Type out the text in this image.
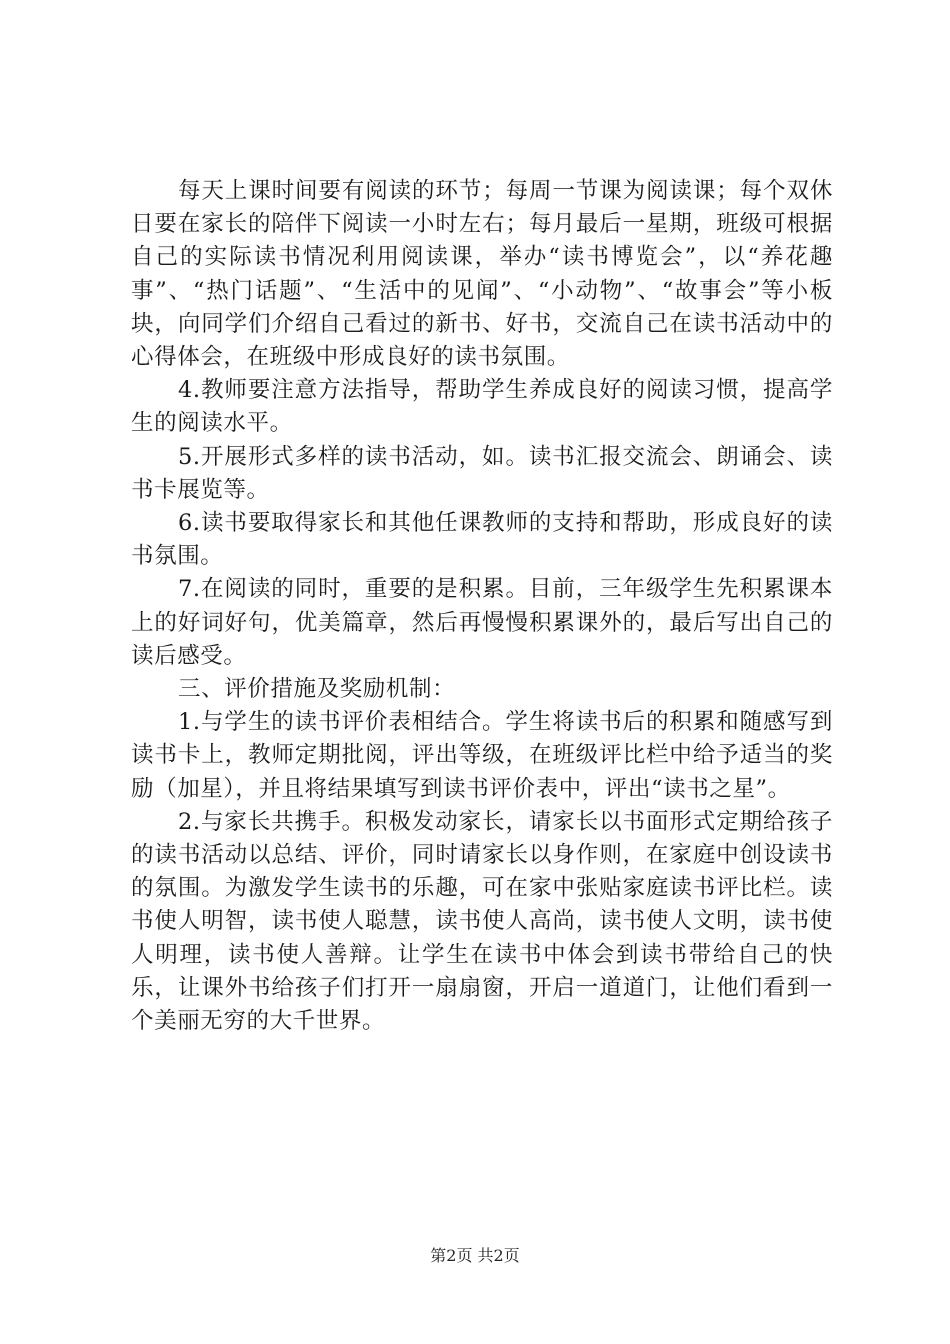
每天上课时间要有阅读的环节；每周一节课为阅读课；每个双休日要在家长的陪伴下阅读一小时左右；每月最后一星期，班级可根据自己的实际读书情况利用阅读课，举办“读书博览会”，以“养花趣事”、“热门话题”、“生活中的见闻”、“小动物”、“故事会”等小板块，向同学们介绍自己看过的新书、好书，交流自己在读书活动中的心得体会，在班级中形成良好的读书氛围。

4.教师要注意方法指导，帮助学生养成良好的阅读习惯，提高学生的阅读水平。

5.开展形式多样的读书活动，如。读书汇报交流会、朗诵会、读书卡展览等。

6.读书要取得家长和其他任课教师的支持和帮助，形成良好的读书氛围。

7.在阅读的同时，重要的是积累。目前，三年级学生先积累课本上的好词好句，优美篇章，然后再慢慢积累课外的，最后写出自己的读后感受。

三、评价措施及奖励机制：

1.与学生的读书评价表相结合。学生将读书后的积累和随感写到读书卡上，教师定期批阅，评出等级，在班级评比栏中给予适当的奖励（加星），并且将结果填写到读书评价表中，评出“读书之星”。

2.与家长共携手。积极发动家长，请家长以书面形式定期给孩子的读书活动以总结、评价，同时请家长以身作则，在家庭中创设读书的氛围。为激发学生读书的乐趣，可在家中张贴家庭读书评比栏。读书使人明智，读书使人聪慧，读书使人高尚，读书使人文明，读书使人明理，读书使人善辩。让学生在读书中体会到读书带给自己的快乐，让课外书给孩子们打开一扇扇窗，开启一道道门，让他们看到一个美丽无穷的大千世界。

第2页 共2页
